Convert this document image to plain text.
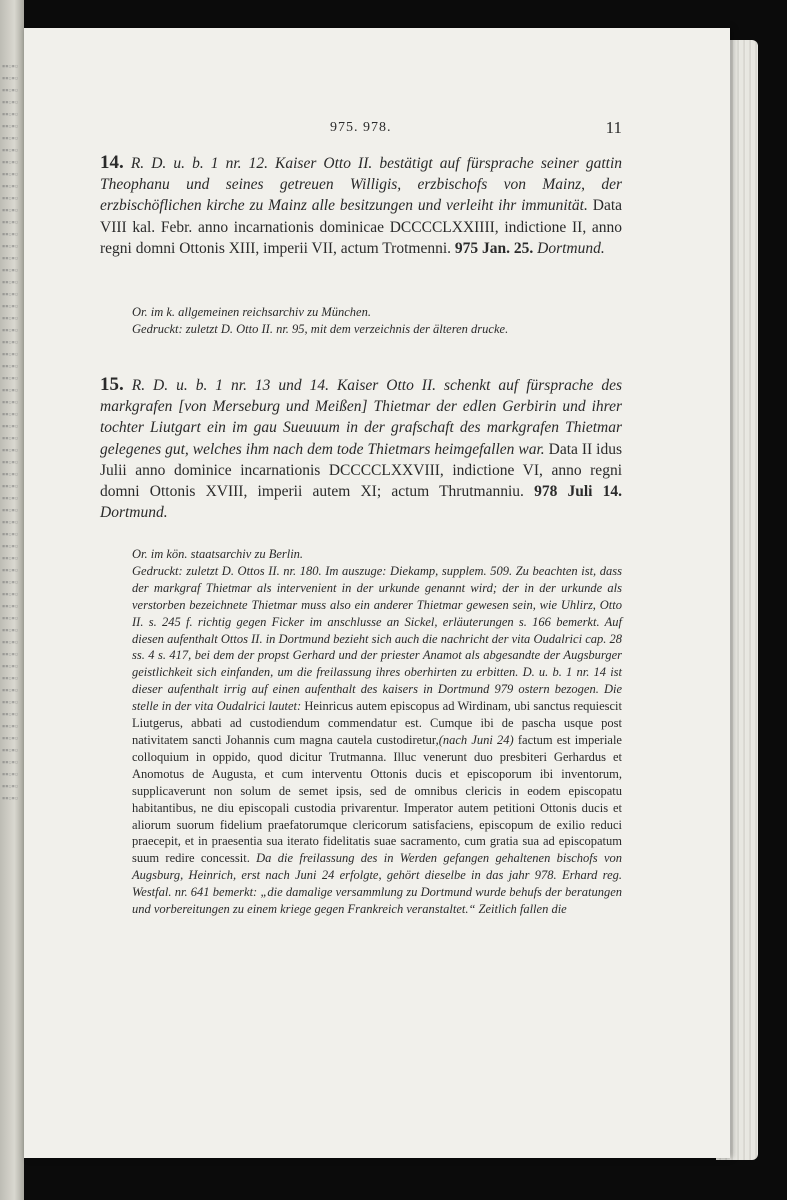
▪▪▫▪▫▪▪▫▪▫▪▪▫▪▫▪▪▫▪▫▪▪▫▪▫▪▪▫▪▫▪▪▫▪▫▪▪▫▪▫▪▪▫▪▫▪▪▫▪▫▪▪▫▪▫▪▪▫▪▫▪▪▫▪▫▪▪▫▪▫▪▪▫▪▫▪▪▫▪▫▪▪▫▪▫▪▪▫▪▫▪▪▫▪▫▪▪▫▪▫▪▪▫▪▫▪▪▫▪▫▪▪▫▪▫▪▪▫▪▫▪▪▫▪▫▪▪▫▪▫▪▪▫▪▫▪▪▫▪▫▪▪▫▪▫▪▪▫▪▫▪▪▫▪▫▪▪▫▪▫▪▪▫▪▫▪▪▫▪▫▪▪▫▪▫▪▪▫▪▫▪▪▫▪▫▪▪▫▪▫▪▪▫▪▫▪▪▫▪▫▪▪▫▪▫▪▪▫▪▫▪▪▫▪▫▪▪▫▪▫▪▪▫▪▫▪▪▫▪▫▪▪▫▪▫▪▪▫▪▫▪▪▫▪▫▪▪▫▪▫▪▪▫▪▫▪▪▫▪▫▪▪▫▪▫▪▪▫▪▫▪▪▫▪▫▪▪▫▪▫▪▪▫▪▫▪▪▫▪▫▪▪▫▪▫▪▪▫▪▫▪▪▫▪▫▪▪▫▪▫
975. 978.	11
14. R. D. u. b. 1 nr. 12. Kaiser Otto II. bestätigt auf fürsprache seiner gattin Theophanu und seines getreuen Willigis, erzbischofs von Mainz, der erzbischöflichen kirche zu Mainz alle besitzungen und verleiht ihr immunität. Data VIII kal. Febr. anno incarnationis dominicae DCCCCLXXIIII, indictione II, anno regni domni Ottonis XIII, imperii VII, actum Trotmenni. 975 Jan. 25. Dortmund.

Or. im k. allgemeinen reichsarchiv zu München.

Gedruckt: zuletzt D. Otto II. nr. 95, mit dem verzeichnis der älteren drucke.

15. R. D. u. b. 1 nr. 13 und 14. Kaiser Otto II. schenkt auf fürsprache des markgrafen [von Merseburg und Meißen] Thietmar der edlen Gerbirin und ihrer tochter Liutgart ein im gau Sueuuum in der grafschaft des markgrafen Thietmar gelegenes gut, welches ihm nach dem tode Thietmars heimgefallen war. Data II idus Julii anno dominice incarnationis DCCCCLXXVIII, indictione VI, anno regni domni Ottonis XVIII, imperii autem XI; actum Thrutmanniu. 978 Juli 14. Dortmund.

Or. im kön. staatsarchiv zu Berlin.

Gedruckt: zuletzt D. Ottos II. nr. 180. Im auszuge: Diekamp, supplem. 509. Zu beachten ist, dass der markgraf Thietmar als intervenient in der urkunde genannt wird; der in der urkunde als verstorben bezeichnete Thietmar muss also ein anderer Thietmar gewesen sein, wie Uhlirz, Otto II. s. 245 f. richtig gegen Ficker im anschlusse an Sickel, erläuterungen s. 166 bemerkt. Auf diesen aufenthalt Ottos II. in Dortmund bezieht sich auch die nachricht der vita Oudalrici cap. 28 ss. 4 s. 417, bei dem der propst Gerhard und der priester Anamot als abgesandte der Augsburger geistlichkeit sich einfanden, um die freilassung ihres oberhirten zu erbitten. D. u. b. 1 nr. 14 ist dieser aufenthalt irrig auf einen aufenthalt des kaisers in Dortmund 979 ostern bezogen. Die stelle in der vita Oudalrici lautet: Heinricus autem episcopus ad Wirdinam, ubi sanctus requiescit Liutgerus, abbati ad custodiendum commendatur est. Cumque ibi de pascha usque post nativitatem sancti Johannis cum magna cautela custodiretur,(nach Juni 24) factum est imperiale colloquium in oppido, quod dicitur Trutmanna. Illuc venerunt duo presbiteri Gerhardus et Anomotus de Augusta, et cum interventu Ottonis ducis et episcoporum ibi inventorum, supplicaverunt non solum de semet ipsis, sed de omnibus clericis in eodem episcopatu habitantibus, ne diu episcopali custodia privarentur. Imperator autem petitioni Ottonis ducis et aliorum suorum fidelium praefatorumque clericorum satisfaciens, episcopum de exilio reduci praecepit, et in praesentia sua iterato fidelitatis suae sacramento, cum gratia sua ad episcopatum suum redire concessit. Da die freilassung des in Werden gefangen gehaltenen bischofs von Augsburg, Heinrich, erst nach Juni 24 erfolgte, gehört dieselbe in das jahr 978. Erhard reg. Westfal. nr. 641 bemerkt: „die damalige versammlung zu Dortmund wurde behufs der beratungen und vorbereitungen zu einem kriege gegen Frankreich veranstaltet.“ Zeitlich fallen die
